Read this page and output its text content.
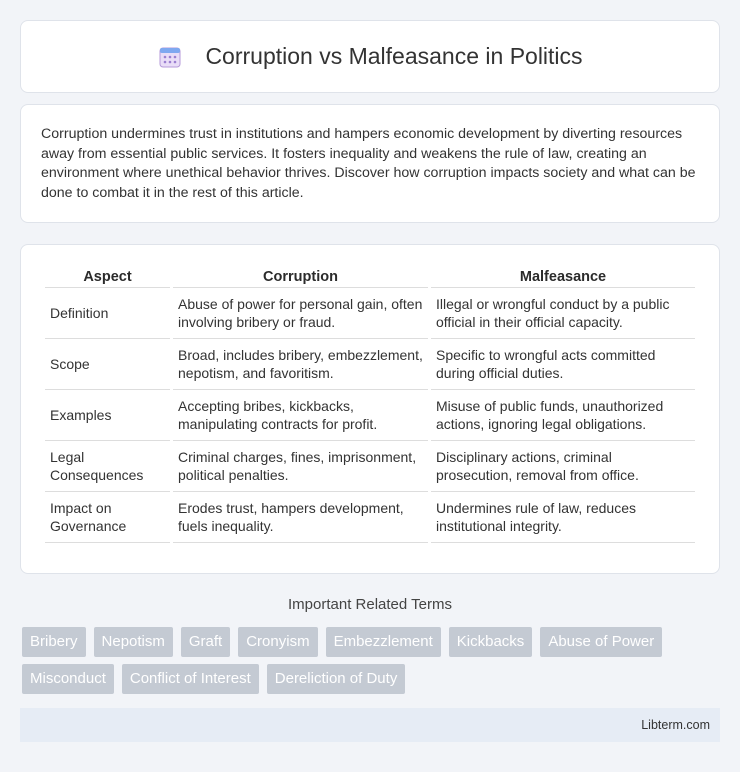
Corruption vs Malfeasance in Politics

Corruption undermines trust in institutions and hampers economic development by diverting resources away from essential public services. It fosters inequality and weakens the rule of law, creating an environment where unethical behavior thrives. Discover how corruption impacts society and what can be done to combat it in the rest of this article.

Aspect	Corruption	Malfeasance
Definition	Abuse of power for personal gain, often involving bribery or fraud.	Illegal or wrongful conduct by a public official in their official capacity.
Scope	Broad, includes bribery, embezzlement, nepotism, and favoritism.	Specific to wrongful acts committed during official duties.
Examples	Accepting bribes, kickbacks, manipulating contracts for profit.	Misuse of public funds, unauthorized actions, ignoring legal obligations.
Legal Consequences	Criminal charges, fines, imprisonment, political penalties.	Disciplinary actions, criminal prosecution, removal from office.
Impact on Governance	Erodes trust, hampers development, fuels inequality.	Undermines rule of law, reduces institutional integrity.
Important Related Terms
Bribery	Nepotism	Graft	Cronyism	Embezzlement	Kickbacks	Abuse of Power
Misconduct	Conflict of Interest	Dereliction of Duty
Libterm.com
